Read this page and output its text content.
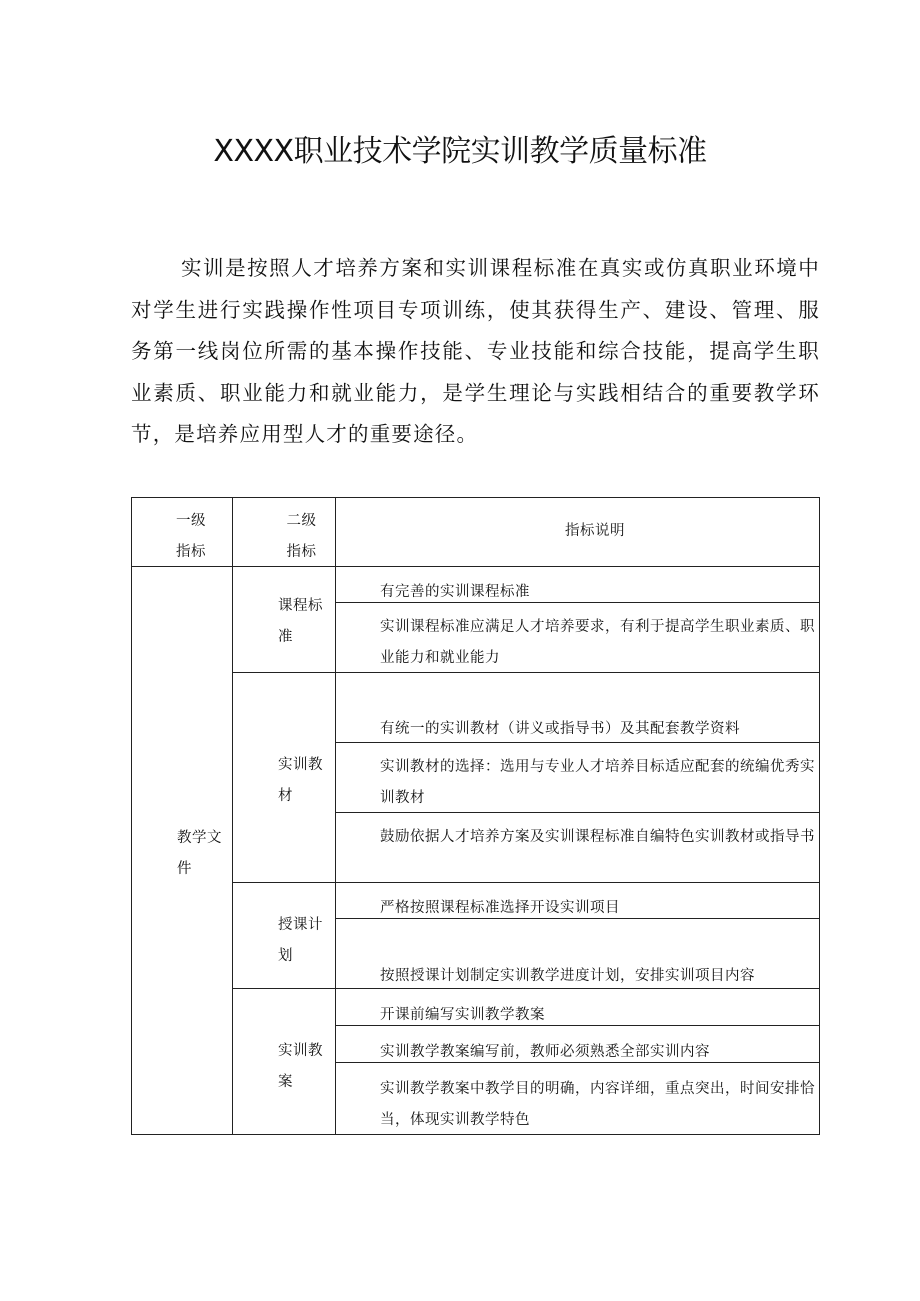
XXXX职业技术学院实训教学质量标准

实训是按照人才培养方案和实训课程标准在真实或仿真职业环境中对学生进行实践操作性项目专项训练，使其获得生产、建设、管理、服务第一线岗位所需的基本操作技能、专业技能和综合技能，提高学生职业素质、职业能力和就业能力，是学生理论与实践相结合的重要教学环节，是培养应用型人才的重要途径。

一级
指标
二级
指标
指标说明
教学文
件
课程标
准
有完善的实训课程标准
实训课程标准应满足人才培养要求，有利于提高学生职业素质、职业能力和就业能力
实训教
材
有统一的实训教材（讲义或指导书）及其配套教学资料
实训教材的选择：选用与专业人才培养目标适应配套的统编优秀实训教材
鼓励依据人才培养方案及实训课程标准自编特色实训教材或指导书
授课计
划
严格按照课程标准选择开设实训项目
按照授课计划制定实训教学进度计划，安排实训项目内容
实训教
案
开课前编写实训教学教案
实训教学教案编写前，教师必须熟悉全部实训内容
实训教学教案中教学目的明确，内容详细，重点突出，时间安排恰当，体现实训教学特色
